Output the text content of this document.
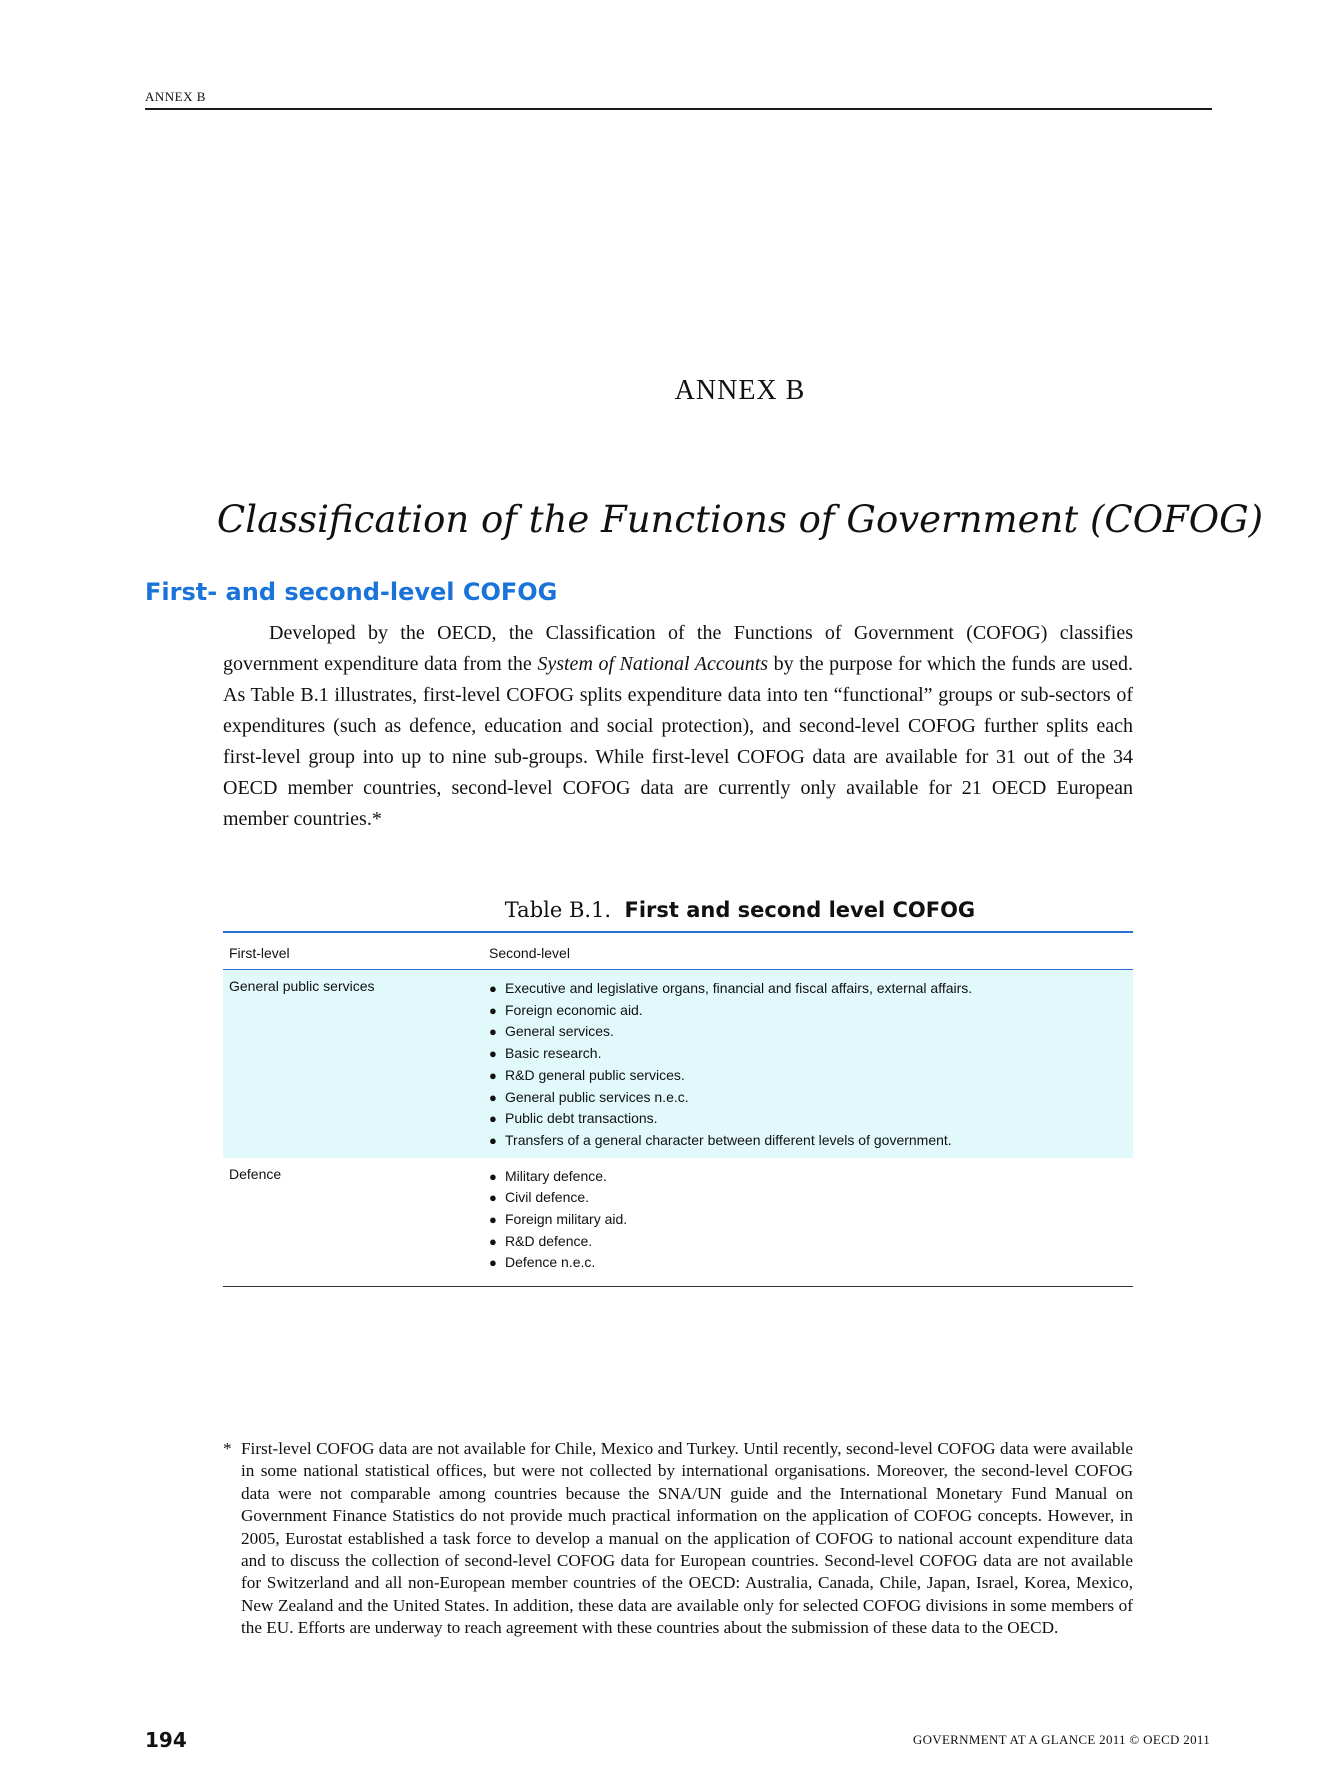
ANNEX B
ANNEX B
Classification of the Functions of Government (COFOG)
First- and second-level COFOG

Developed by the OECD, the Classification of the Functions of Government (COFOG) classifies government expenditure data from the System of National Accounts by the purpose for which the funds are used. As Table B.1 illustrates, first-level COFOG splits expenditure data into ten “functional” groups or sub-sectors of expenditures (such as defence, education and social protection), and second-level COFOG further splits each first-level group into up to nine sub-groups. While first-level COFOG data are available for 31 out of the 34 OECD member countries, second-level COFOG data are currently only available for 21 OECD European member countries.*

Table B.1. First and second level COFOG
First-level	Second-level
General public services	● Executive and legislative organs, financial and fiscal affairs, external affairs.
● Foreign economic aid.
● General services.
● Basic research.
● R&D general public services.
● General public services n.e.c.
● Public debt transactions.
● Transfers of a general character between different levels of government.
Defence	● Military defence.
● Civil defence.
● Foreign military aid.
● R&D defence.
● Defence n.e.c.
* First-level COFOG data are not available for Chile, Mexico and Turkey. Until recently, second-level COFOG data were available in some national statistical offices, but were not collected by international organisations. Moreover, the second-level COFOG data were not comparable among countries because the SNA/UN guide and the International Monetary Fund Manual on Government Finance Statistics do not provide much practical information on the application of COFOG concepts. However, in 2005, Eurostat established a task force to develop a manual on the application of COFOG to national account expenditure data and to discuss the collection of second-level COFOG data for European countries. Second-level COFOG data are not available for Switzerland and all non-European member countries of the OECD: Australia, Canada, Chile, Japan, Israel, Korea, Mexico, New Zealand and the United States. In addition, these data are available only for selected COFOG divisions in some members of the EU. Efforts are underway to reach agreement with these countries about the submission of these data to the OECD.
194	GOVERNMENT AT A GLANCE 2011 © OECD 2011
